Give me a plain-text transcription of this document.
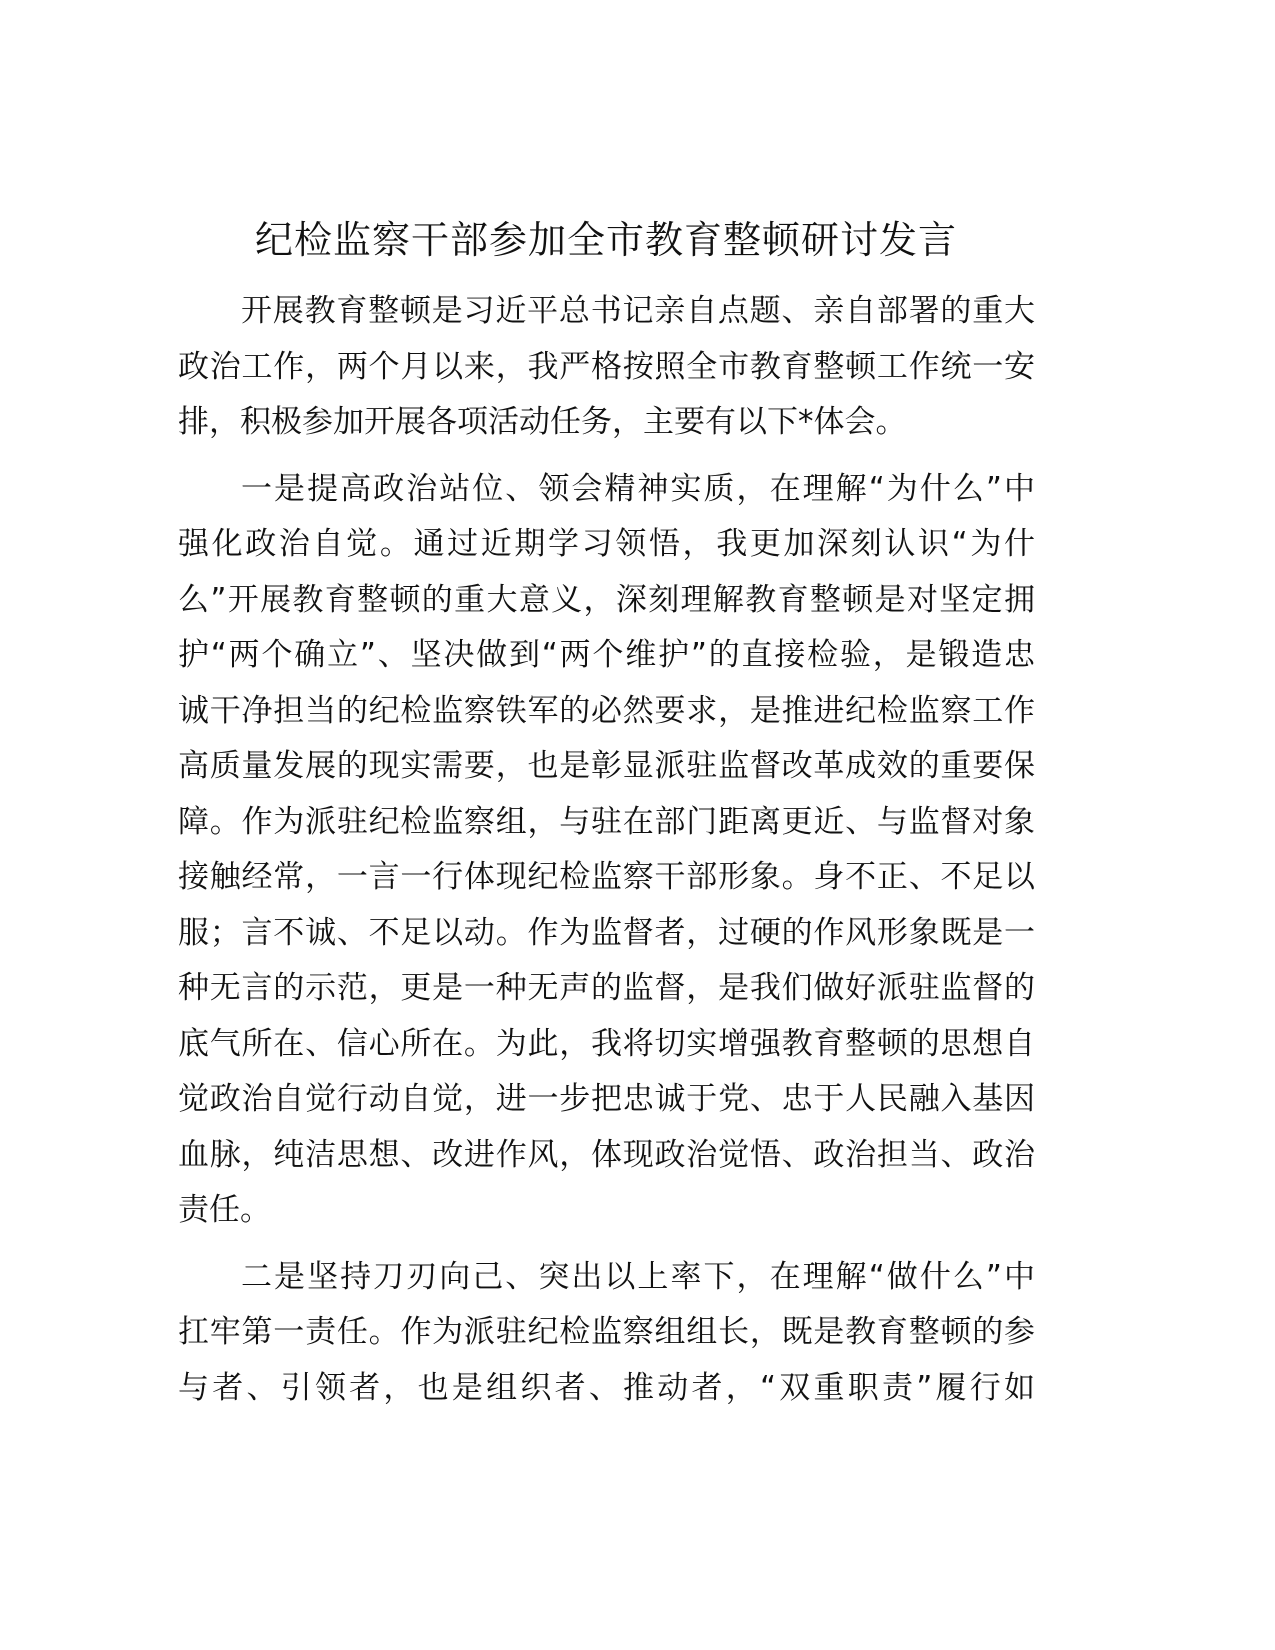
纪检监察干部参加全市教育整顿研讨发言
开展教育整顿是习近平总书记亲自点题、亲自部署的重大
政治工作，两个月以来，我严格按照全市教育整顿工作统一安
排，积极参加开展各项活动任务，主要有以下*体会。
一是提高政治站位、领会精神实质，在理解“为什么”中
强化政治自觉。通过近期学习领悟，我更加深刻认识“为什
么”开展教育整顿的重大意义，深刻理解教育整顿是对坚定拥
护“两个确立”、坚决做到“两个维护”的直接检验，是锻造忠
诚干净担当的纪检监察铁军的必然要求，是推进纪检监察工作
高质量发展的现实需要，也是彰显派驻监督改革成效的重要保
障。作为派驻纪检监察组，与驻在部门距离更近、与监督对象
接触经常，一言一行体现纪检监察干部形象。身不正、不足以
服；言不诚、不足以动。作为监督者，过硬的作风形象既是一
种无言的示范，更是一种无声的监督，是我们做好派驻监督的
底气所在、信心所在。为此，我将切实增强教育整顿的思想自
觉政治自觉行动自觉，进一步把忠诚于党、忠于人民融入基因
血脉，纯洁思想、改进作风，体现政治觉悟、政治担当、政治
责任。
二是坚持刀刃向己、突出以上率下，在理解“做什么”中
扛牢第一责任。作为派驻纪检监察组组长，既是教育整顿的参
与者、引领者，也是组织者、推动者，“双重职责”履行如
